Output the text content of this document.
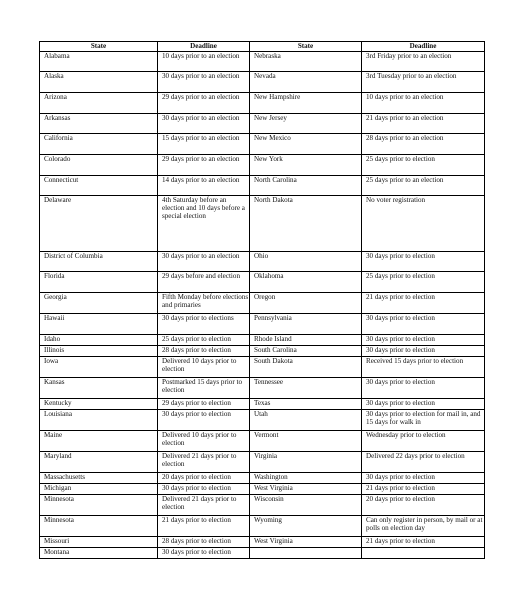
State	Deadline	State	Deadline
Alabama	10 days prior to an election	Nebraska	3rd Friday prior to an election
Alaska	30 days prior to an election	Nevada	3rd Tuesday prior to an election
Arizona	29 days prior to an election	New Hampshire	10 days prior to an election
Arkansas	30 days prior to an election	New Jersey	21 days prior to an election
California	15 days prior to an election	New Mexico	28 days prior to an election
Colorado	29 days prior to an election	New York	25 days prior to election
Connecticut	14 days prior to an election	North Carolina	25 days prior to an election
Delaware	4th Saturday before an election and 10 days before a special election	North Dakota	No voter registration
District of Columbia	30 days prior to an election	Ohio	30 days prior to election
Florida	29 days before and election	Oklahoma	25 days prior to election
Georgia	Fifth Monday before elections and primaries	Oregon	21 days prior to election
Hawaii	30 days prior to elections	Pennsylvania	30 days prior to election
Idaho	25 days prior to election	Rhode Island	30 days prior to election
Illinois	28 days prior to election	South Carolina	30 days prior to election
Iowa	Delivered 10 days prior to election	South Dakota	Received 15 days prior to election
Kansas	Postmarked 15 days prior to election	Tennessee	30 days prior to election
Kentucky	29 days prior to election	Texas	30 days prior to election
Louisiana	30 days prior to election	Utah	30 days prior to election for mail in, and 15 days for walk in
Maine	Delivered 10 days prior to election	Vermont	Wednesday prior to election
Maryland	Delivered 21 days prior to election	Virginia	Delivered 22 days prior to election
Massachusetts	20 days prior to election	Washington	30 days prior to election
Michigan	30 days prior to election	West Virginia	21 days prior to election
Minnesota	Delivered 21 days prior to election	Wisconsin	20 days prior to election
Minnesota	21 days prior to election	Wyoming	Can only register in person, by mail or at polls on election day
Missouri	28 days prior to election	West Virginia	21 days prior to election
Montana	30 days prior to election		
